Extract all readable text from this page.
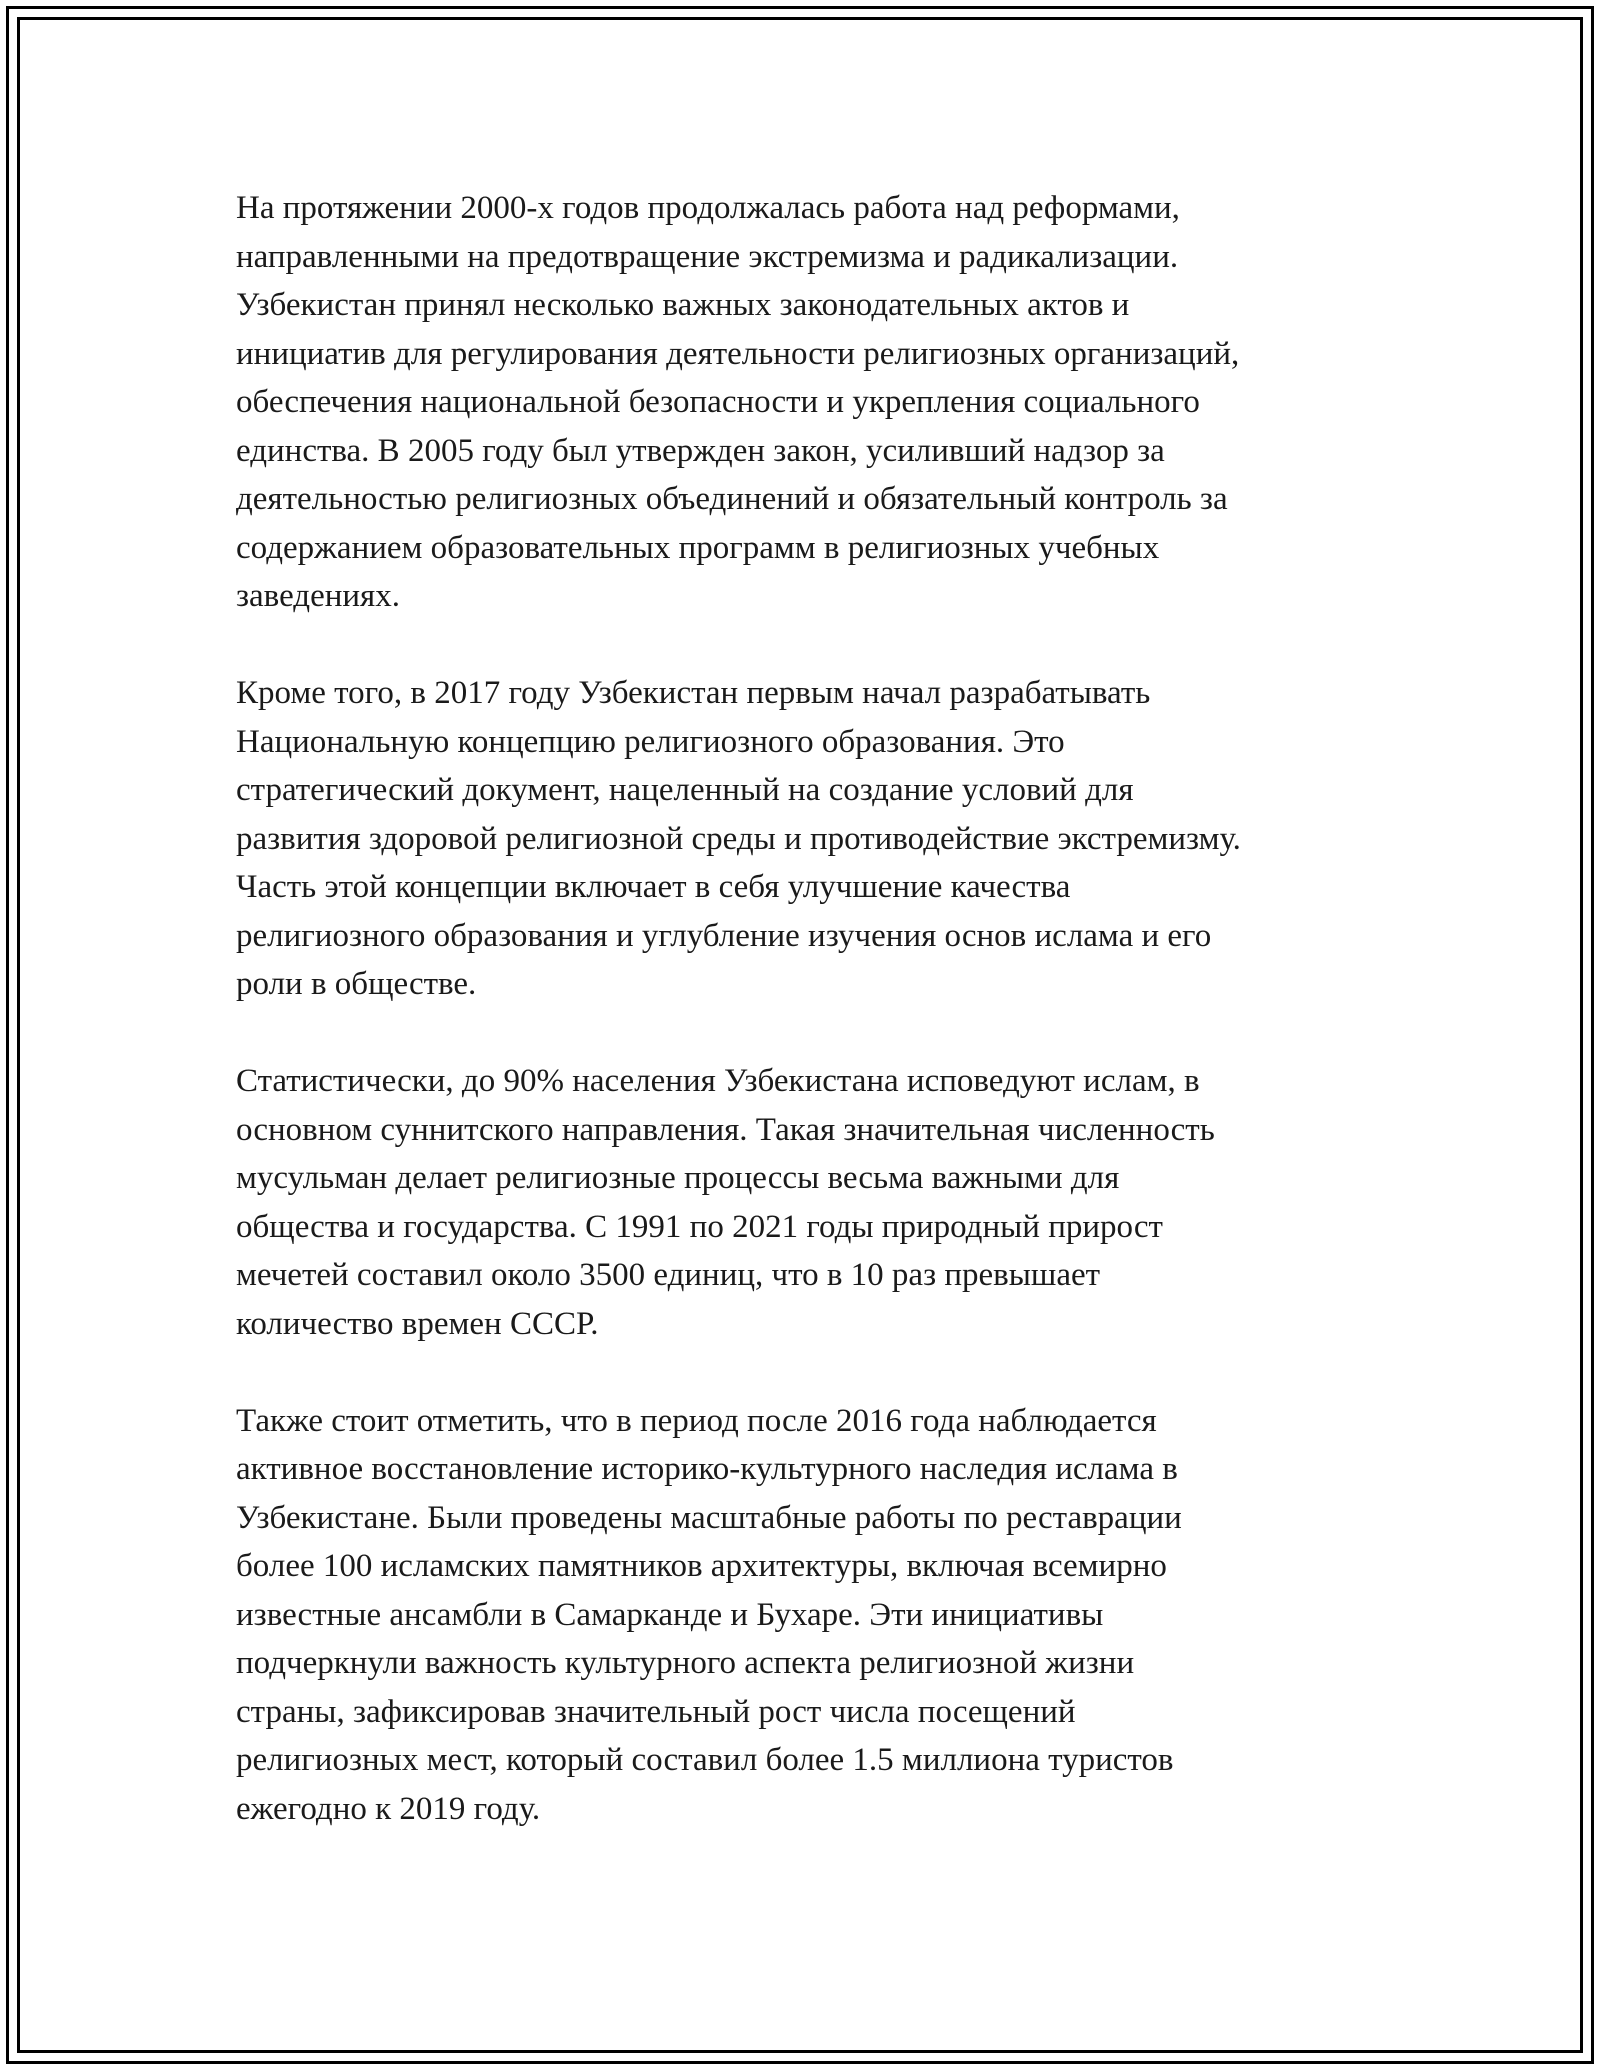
На протяжении 2000-х годов продолжалась работа над реформами,
направленными на предотвращение экстремизма и радикализации.
Узбекистан принял несколько важных законодательных актов и
инициатив для регулирования деятельности религиозных организаций,
обеспечения национальной безопасности и укрепления социального
единства. В 2005 году был утвержден закон, усиливший надзор за
деятельностью религиозных объединений и обязательный контроль за
содержанием образовательных программ в религиозных учебных
заведениях.

Кроме того, в 2017 году Узбекистан первым начал разрабатывать
Национальную концепцию религиозного образования. Это
стратегический документ, нацеленный на создание условий для
развития здоровой религиозной среды и противодействие экстремизму.
Часть этой концепции включает в себя улучшение качества
религиозного образования и углубление изучения основ ислама и его
роли в обществе.

Статистически, до 90% населения Узбекистана исповедуют ислам, в
основном суннитского направления. Такая значительная численность
мусульман делает религиозные процессы весьма важными для
общества и государства. С 1991 по 2021 годы природный прирост
мечетей составил около 3500 единиц, что в 10 раз превышает
количество времен СССР.

Также стоит отметить, что в период после 2016 года наблюдается
активное восстановление историко-культурного наследия ислама в
Узбекистане. Были проведены масштабные работы по реставрации
более 100 исламских памятников архитектуры, включая всемирно
известные ансамбли в Самарканде и Бухаре. Эти инициативы
подчеркнули важность культурного аспекта религиозной жизни
страны, зафиксировав значительный рост числа посещений
религиозных мест, который составил более 1.5 миллиона туристов
ежегодно к 2019 году.
